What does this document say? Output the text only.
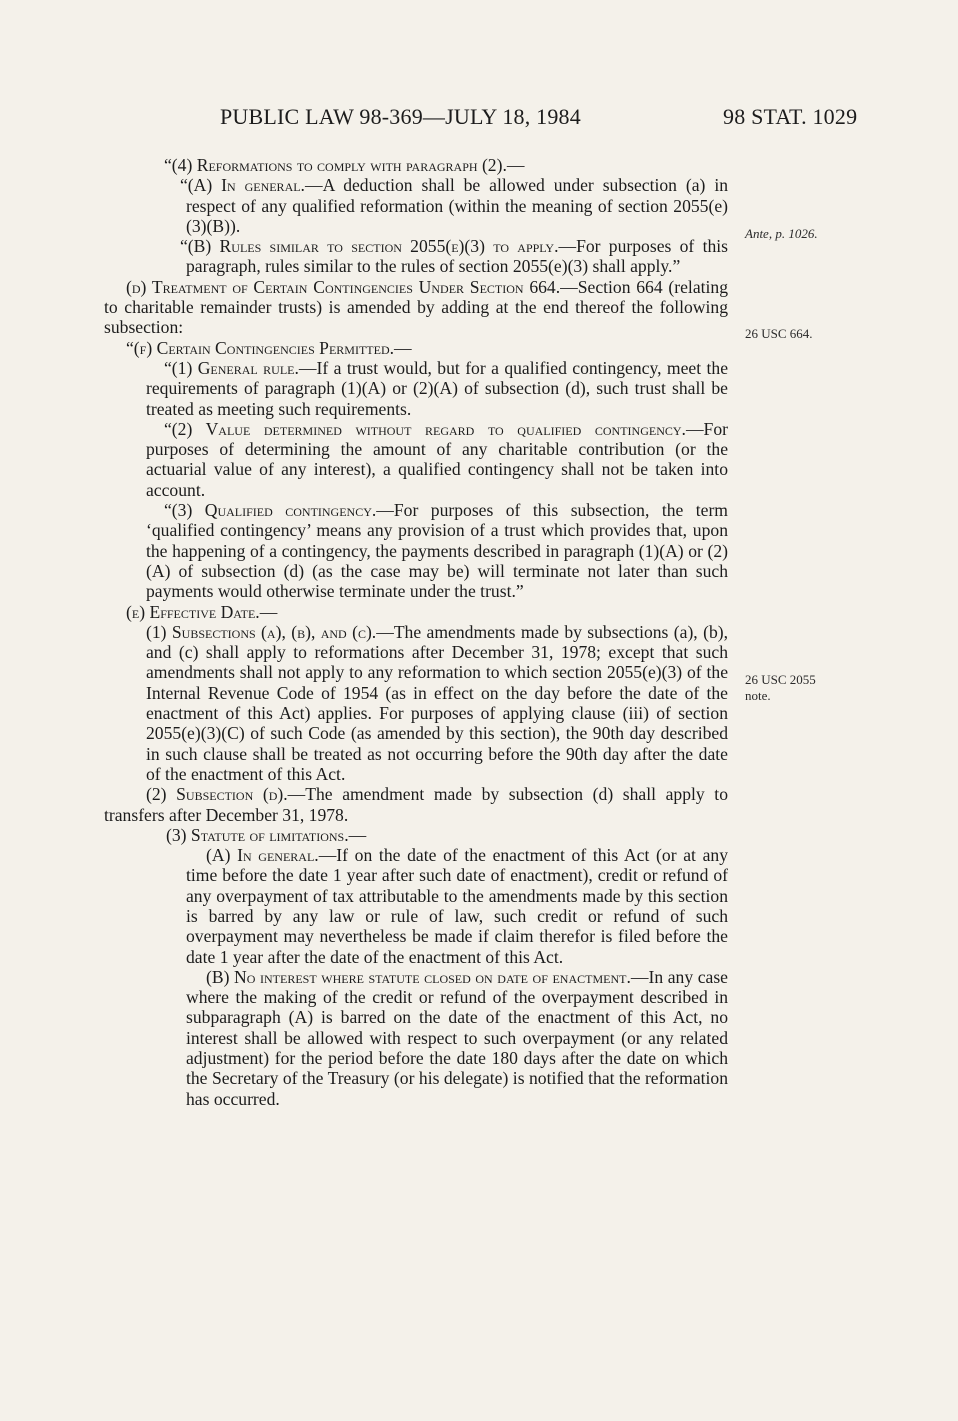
PUBLIC LAW 98-369—JULY 18, 1984	98 STAT. 1029

“(4) Reformations to comply with paragraph (2).—

“(A) In general.—A deduction shall be allowed under subsection (a) in respect of any qualified reformation (within the meaning of section 2055(e)(3)(B)).

“(B) Rules similar to section 2055(e)(3) to apply.—For purposes of this paragraph, rules similar to the rules of section 2055(e)(3) shall apply.”

(d) Treatment of Certain Contingencies Under Section 664.—Section 664 (relating to charitable remainder trusts) is amended by adding at the end thereof the following subsection:

“(f) Certain Contingencies Permitted.—

“(1) General rule.—If a trust would, but for a qualified contingency, meet the requirements of paragraph (1)(A) or (2)(A) of subsection (d), such trust shall be treated as meeting such requirements.

“(2) Value determined without regard to qualified contingency.—For purposes of determining the amount of any charitable contribution (or the actuarial value of any interest), a qualified contingency shall not be taken into account.

“(3) Qualified contingency.—For purposes of this subsection, the term ‘qualified contingency’ means any provision of a trust which provides that, upon the happening of a contingency, the payments described in paragraph (1)(A) or (2)(A) of subsection (d) (as the case may be) will terminate not later than such payments would otherwise terminate under the trust.”

(e) Effective Date.—

(1) Subsections (a), (b), and (c).—The amendments made by subsections (a), (b), and (c) shall apply to reformations after December 31, 1978; except that such amendments shall not apply to any reformation to which section 2055(e)(3) of the Internal Revenue Code of 1954 (as in effect on the day before the date of the enactment of this Act) applies. For purposes of applying clause (iii) of section 2055(e)(3)(C) of such Code (as amended by this section), the 90th day described in such clause shall be treated as not occurring before the 90th day after the date of the enactment of this Act.

(2) Subsection (d).—The amendment made by subsection (d) shall apply to transfers after December 31, 1978.

(3) Statute of limitations.—

(A) In general.—If on the date of the enactment of this Act (or at any time before the date 1 year after such date of enactment), credit or refund of any overpayment of tax attributable to the amendments made by this section is barred by any law or rule of law, such credit or refund of such overpayment may nevertheless be made if claim therefor is filed before the date 1 year after the date of the enactment of this Act.

(B) No interest where statute closed on date of enactment.—In any case where the making of the credit or refund of the overpayment described in subparagraph (A) is barred on the date of the enactment of this Act, no interest shall be allowed with respect to such overpayment (or any related adjustment) for the period before the date 180 days after the date on which the Secretary of the Treasury (or his delegate) is notified that the reformation has occurred.

Ante, p. 1026.
26 USC 664.
26 USC 2055
note.
